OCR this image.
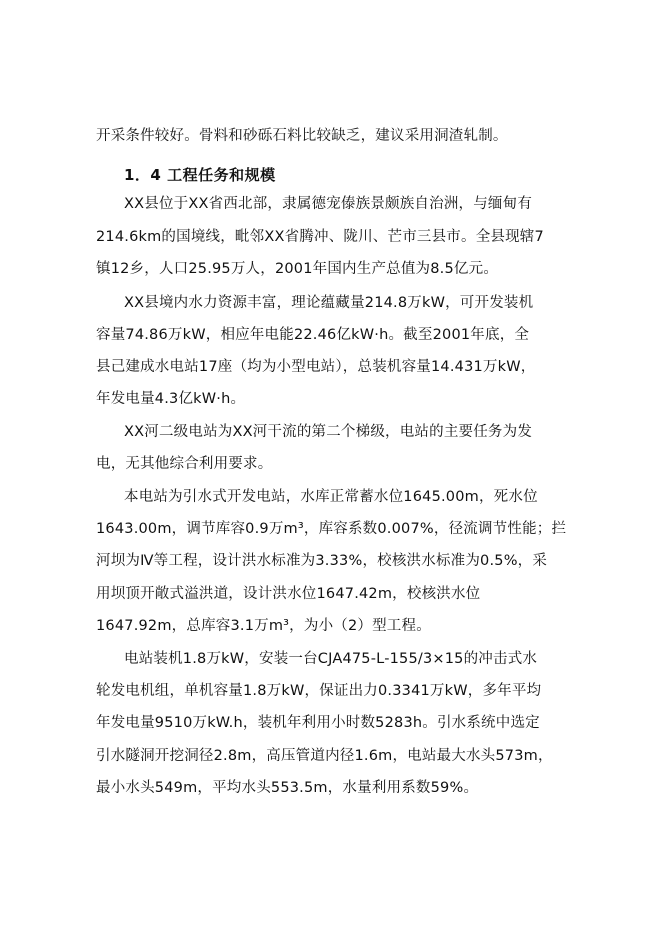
开采条件较好。骨料和砂砾石料比较缺乏，建议采用洞渣轧制。
1．4 工程任务和规模
XX县位于XX省西北部，隶属德宠傣族景颇族自治洲，与缅甸有
214.6km的国境线，毗邻XX省腾冲、陇川、芒市三县市。全县现辖7
镇12乡，人口25.95万人，2001年国内生产总值为8.5亿元。
XX县境内水力资源丰富，理论蕴藏量214.8万kW，可开发装机
容量74.86万kW，相应年电能22.46亿kW·h。截至2001年底，全
县己建成水电站17座（均为小型电站），总装机容量14.431万kW，
年发电量4.3亿kW·h。
XX河二级电站为XX河干流的第二个梯级，电站的主要任务为发
电，无其他综合利用要求。
本电站为引水式开发电站，水库正常蓄水位1645.00m，死水位
1643.00m，调节库容0.9万m³，库容系数0.007%，径流调节性能；拦
河坝为Ⅳ等工程，设计洪水标准为3.33%，校核洪水标准为0.5%，采
用坝顶开敞式溢洪道，设计洪水位1647.42m，校核洪水位
1647.92m，总库容3.1万m³，为小（2）型工程。
电站装机1.8万kW，安装一台CJA475-L-155/3×15的冲击式水
轮发电机组，单机容量1.8万kW，保证出力0.3341万kW，多年平均
年发电量9510万kW.h，装机年利用小时数5283h。引水系统中选定
引水隧洞开挖洞径2.8m，高压管道内径1.6m，电站最大水头573m，
最小水头549m，平均水头553.5m，水量利用系数59%。
